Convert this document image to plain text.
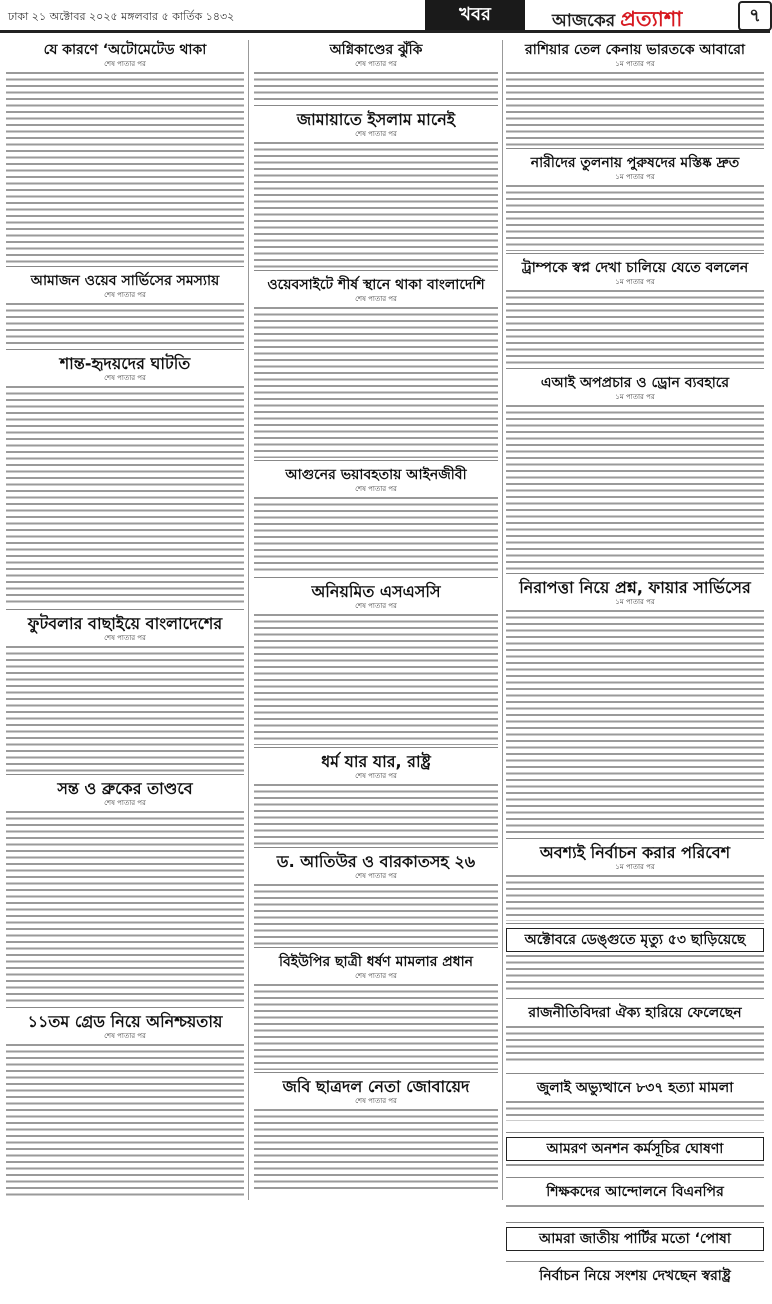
ঢাকা ২১ অক্টোবর ২০২৫ মঙ্গলবার ৫ কার্তিক ১৪৩২	খবর	আজকের প্রত্যাশা	৭
যে কারণে ‘অটোমেটেড থাকা
শেষ পাতার পর
আমাজন ওয়েব সার্ভিসের সমস্যায়
শেষ পাতার পর
শান্ত-হৃদয়দের ঘাটতি
শেষ পাতার পর
ফুটবলার বাছাইয়ে বাংলাদেশের
শেষ পাতার পর
সন্ত ও ব্রুকের তাণ্ডবে
শেষ পাতার পর
১১তম গ্রেড নিয়ে অনিশ্চয়তায়
শেষ পাতার পর
অগ্নিকাণ্ডের ঝুঁকি
শেষ পাতার পর
জামায়াতে ইসলাম মানেই
শেষ পাতার পর
ওয়েবসাইটে শীর্ষ স্থানে থাকা বাংলাদেশি
শেষ পাতার পর
আগুনের ভয়াবহতায় আইনজীবী
শেষ পাতার পর
অনিয়মিত এসএসসি
শেষ পাতার পর
ধর্ম যার যার, রাষ্ট্র
শেষ পাতার পর
ড. আতিউর ও বারকাতসহ ২৬
শেষ পাতার পর
বিইউপির ছাত্রী ধর্ষণ মামলার প্রধান
শেষ পাতার পর
জবি ছাত্রদল নেতা জোবায়েদ
শেষ পাতার পর
রাশিয়ার তেল কেনায় ভারতকে আবারো
১ম পাতার পর
নারীদের তুলনায় পুরুষদের মস্তিষ্ক দ্রুত
১ম পাতার পর
ট্রাম্পকে স্বপ্ন দেখা চালিয়ে যেতে বললেন
১ম পাতার পর
এআই অপপ্রচার ও ড্রোন ব্যবহারে
১ম পাতার পর
নিরাপত্তা নিয়ে প্রশ্ন, ফায়ার সার্ভিসের
১ম পাতার পর
অবশ্যই নির্বাচন করার পরিবেশ
১ম পাতার পর
অক্টোবরে ডেঙ্গুতে মৃত্যু ৫৩ ছাড়িয়েছে
রাজনীতিবিদরা ঐক্য হারিয়ে ফেলেছেন
জুলাই অভ্যুত্থানে ৮৩৭ হত্যা মামলা
আমরণ অনশন কর্মসূচির ঘোষণা
শিক্ষকদের আন্দোলনে বিএনপির
আমরা জাতীয় পার্টির মতো ‘পোষা
নির্বাচন নিয়ে সংশয় দেখছেন স্বরাষ্ট্র
